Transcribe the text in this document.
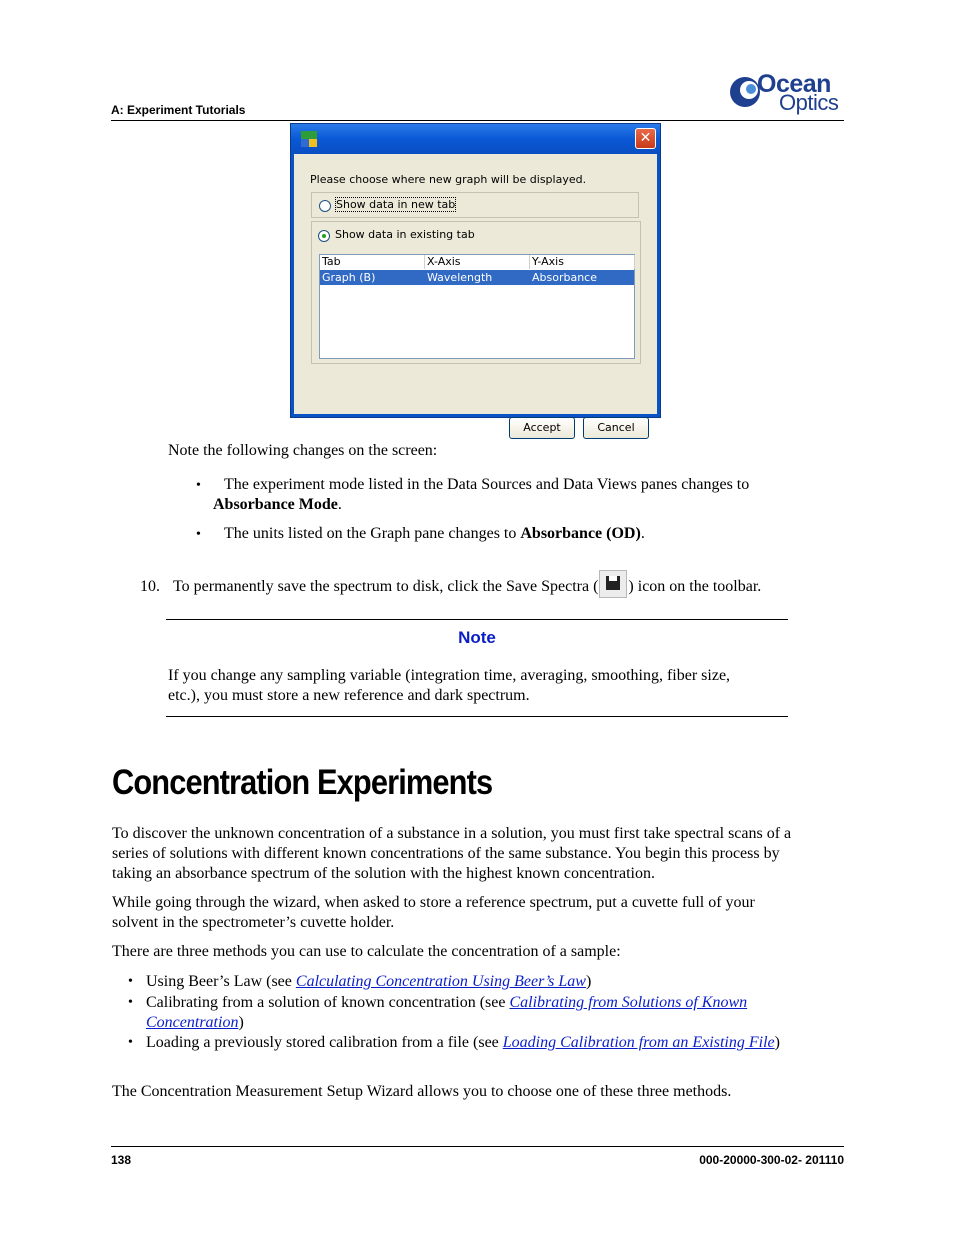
A: Experiment Tutorials
Ocean
Optics
✕
Please choose where new graph will be displayed.
Show data in new tab
Show data in existing tab
Tab	X-Axis	Y-Axis
Graph (B)	Wavelength	Absorbance
Accept	Cancel
Note the following changes on the screen:
• The experiment mode listed in the Data Sources and Data Views panes changes to
Absorbance Mode.
• The units listed on the Graph pane changes to Absorbance (OD).
10. To permanently save the spectrum to disk, click the Save Spectra ( ) icon on the toolbar.
Note
If you change any sampling variable (integration time, averaging, smoothing, fiber size,
etc.), you must store a new reference and dark spectrum.
Concentration Experiments
To discover the unknown concentration of a substance in a solution, you must first take spectral scans of a
series of solutions with different known concentrations of the same substance. You begin this process by
taking an absorbance spectrum of the solution with the highest known concentration.
While going through the wizard, when asked to store a reference spectrum, put a cuvette full of your
solvent in the spectrometer’s cuvette holder.
There are three methods you can use to calculate the concentration of a sample:
• Using Beer’s Law (see Calculating Concentration Using Beer’s Law)
• Calibrating from a solution of known concentration (see Calibrating from Solutions of Known
Concentration)
• Loading a previously stored calibration from a file (see Loading Calibration from an Existing File)
The Concentration Measurement Setup Wizard allows you to choose one of these three methods.
138	000-20000-300-02- 201110
